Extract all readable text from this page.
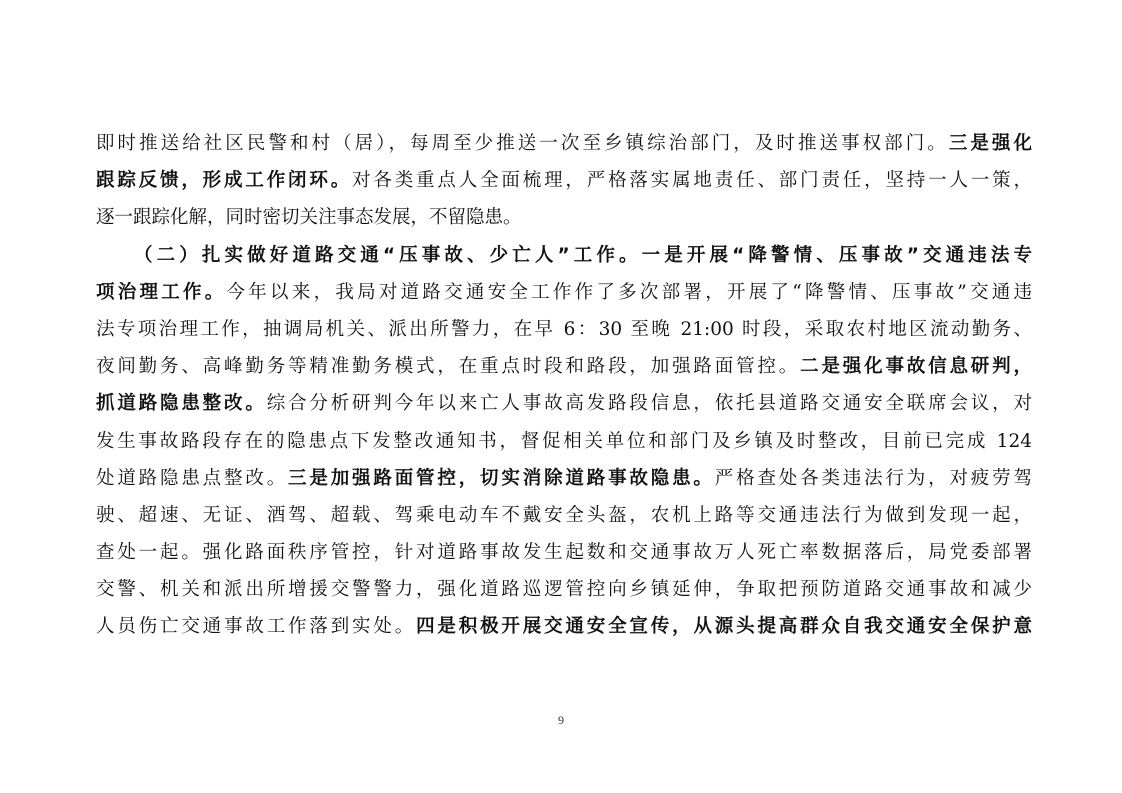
即时推送给社区民警和村（居），每周至少推送一次至乡镇综治部门，及时推送事权部门。三是强化
跟踪反馈，形成工作闭环。对各类重点人全面梳理，严格落实属地责任、部门责任，坚持一人一策，
逐一跟踪化解，同时密切关注事态发展，不留隐患。
（二）扎实做好道路交通“压事故、少亡人”工作。一是开展“降警情、压事故”交通违法专
项治理工作。今年以来，我局对道路交通安全工作作了多次部署，开展了“降警情、压事故”交通违
法专项治理工作，抽调局机关、派出所警力，在早 6：30 至晚 21:00 时段，采取农村地区流动勤务、
夜间勤务、高峰勤务等精准勤务模式，在重点时段和路段，加强路面管控。二是强化事故信息研判，
抓道路隐患整改。综合分析研判今年以来亡人事故高发路段信息，依托县道路交通安全联席会议，对
发生事故路段存在的隐患点下发整改通知书，督促相关单位和部门及乡镇及时整改，目前已完成 124
处道路隐患点整改。三是加强路面管控，切实消除道路事故隐患。严格查处各类违法行为，对疲劳驾
驶、超速、无证、酒驾、超载、驾乘电动车不戴安全头盔，农机上路等交通违法行为做到发现一起，
查处一起。强化路面秩序管控，针对道路事故发生起数和交通事故万人死亡率数据落后，局党委部署
交警、机关和派出所增援交警警力，强化道路巡逻管控向乡镇延伸，争取把预防道路交通事故和减少
人员伤亡交通事故工作落到实处。四是积极开展交通安全宣传，从源头提高群众自我交通安全保护意
9
